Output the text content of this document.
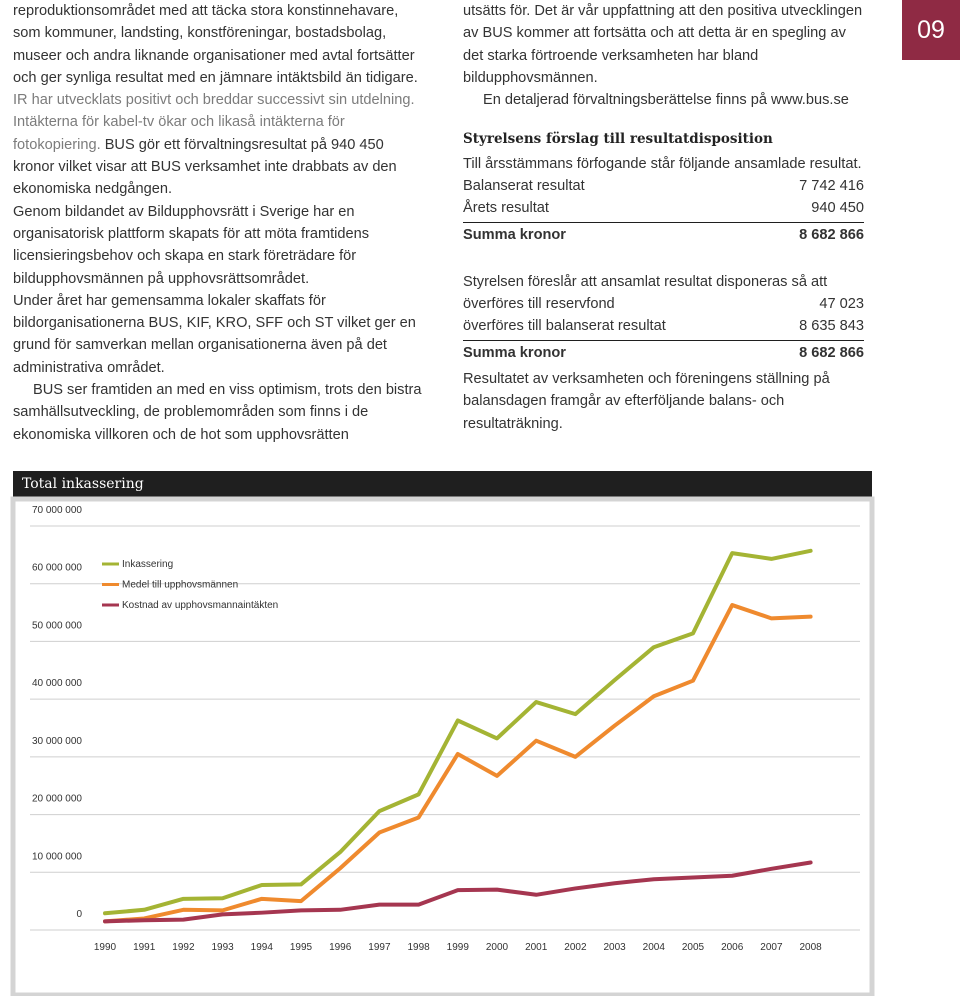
reproduktionsområdet med att täcka stora konstinnehavare, som kommuner, landsting, konstföreningar, bostadsbolag, museer och andra liknande organisationer med avtal fortsätter och ger synliga resultat med en jämnare intäktsbild än tidigare. IR har utvecklats positivt och breddar successivt sin utdelning. Intäkterna för kabel-tv ökar och likaså intäkterna för fotokopiering. BUS gör ett förvaltningsresultat på 940 450 kronor vilket visar att BUS verksamhet inte drabbats av den ekonomiska nedgången.

Genom bildandet av Bildupphovsrätt i Sverige har en organisatorisk plattform skapats för att möta framtidens licensieringsbehov och skapa en stark företrädare för bildupphovsmännen på upphovsrättsområdet.

Under året har gemensamma lokaler skaffats för bildorganisationerna BUS, KIF, KRO, SFF och ST vilket ger en grund för samverkan mellan organisationerna även på det administrativa området.

BUS ser framtiden an med en viss optimism, trots den bistra samhällsutveckling, de problemområden som finns i de ekonomiska villkoren och de hot som upphovsrätten

utsätts för. Det är vår uppfattning att den positiva utvecklingen av BUS kommer att fortsätta och att detta är en spegling av det starka förtroende verksamheten har bland bildupphovsmännen.

En detaljerad förvaltningsberättelse finns på www.bus.se

Styrelsens förslag till resultatdisposition

Till årsstämmans förfogande står följande ansamlade resultat.

Balanserat resultat	7 742 416
Årets resultat	940 450
Summa kronor	8 682 866

Styrelsen föreslår att ansamlat resultat disponeras så att

överföres till reservfond	47 023
överföres till balanserat resultat	8 635 843
Summa kronor	8 682 866

Resultatet av verksamheten och föreningens ställning på balansdagen framgår av efterföljande balans- och resultaträkning.

09
Total inkassering
0
10 000 000
20 000 000
30 000 000
40 000 000
50 000 000
60 000 000
70 000 000
1990 1991 1992 1993 1994 1995 1996 1997 1998 1999 2000 2001 2002 2003 2004 2005 2006 2007 2008
Inkassering
Medel till upphovsmännen
Kostnad av upphovsmannaintäkten
